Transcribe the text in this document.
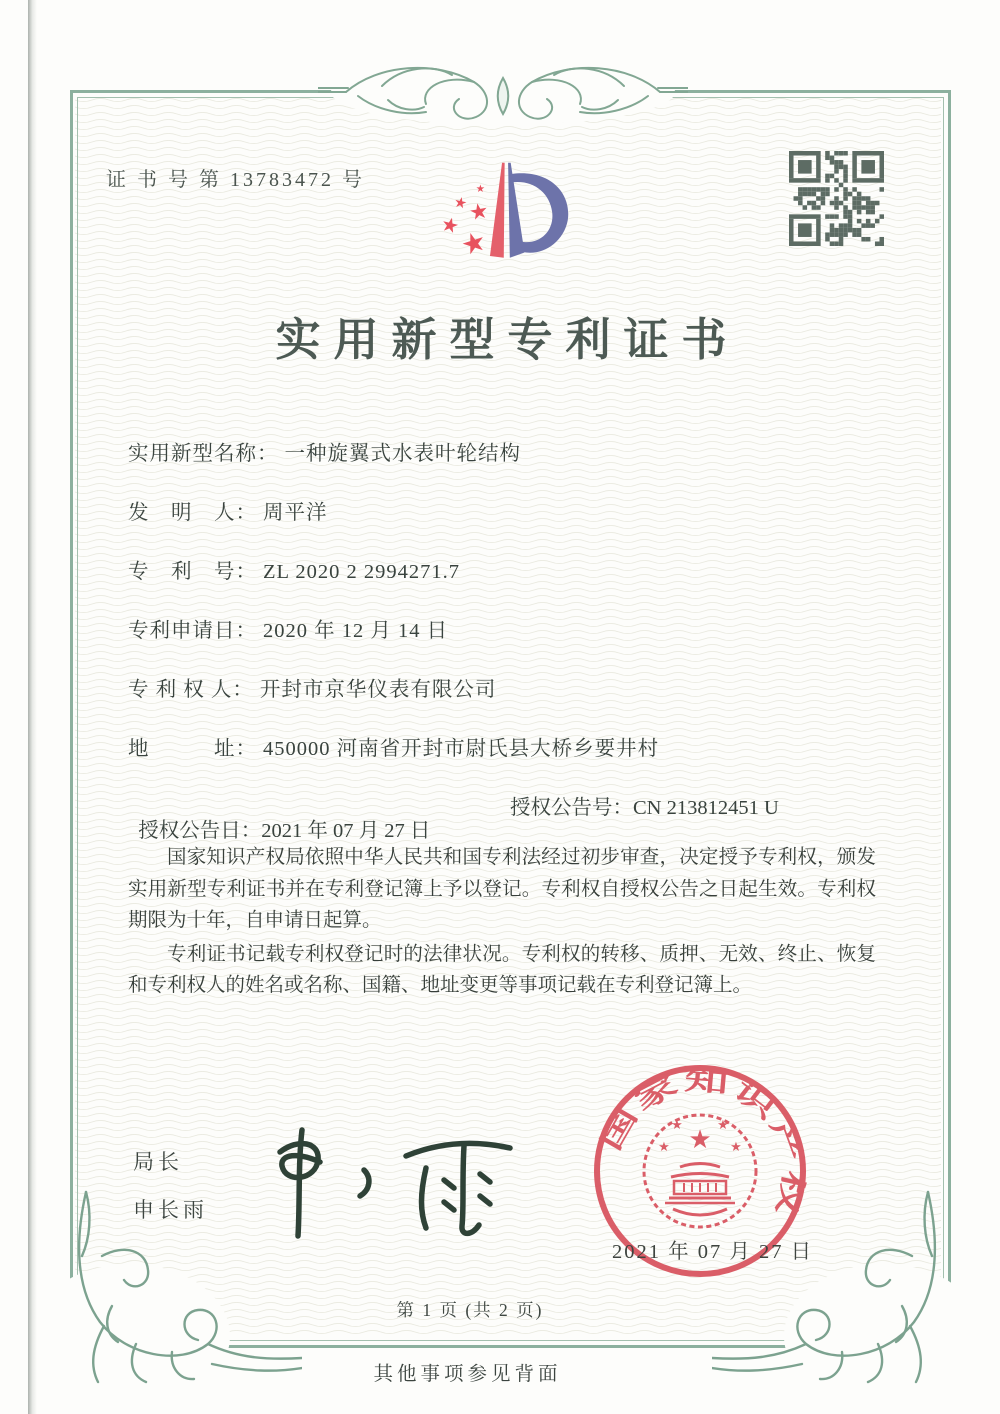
证 书 号 第 13783472 号
★
★ ★
★
★
实用新型专利证书
实用新型名称： 一种旋翼式水表叶轮结构
发　明　人： 周平洋
专　利　号： ZL 2020 2 2994271.7
专利申请日： 2020 年 12 月 14 日
专 利 权 人： 开封市京华仪表有限公司
地　　　址： 450000 河南省开封市尉氏县大桥乡要井村

授权公告日：2021 年 07 月 27 日

授权公告号：CN 213812451 U

国家知识产权局依照中华人民共和国专利法经过初步审查，决定授予专利权，颁发实用新型专利证书并在专利登记簿上予以登记。专利权自授权公告之日起生效。专利权期限为十年，自申请日起算。

专利证书记载专利权登记时的法律状况。专利权的转移、质押、无效、终止、恢复和专利权人的姓名或名称、国籍、地址变更等事项记载在专利登记簿上。

局长
申长雨
国家知识产权局
★
★	★
★	★
2021 年 07 月 27 日
第 1 页 (共 2 页)
其他事项参见背面
